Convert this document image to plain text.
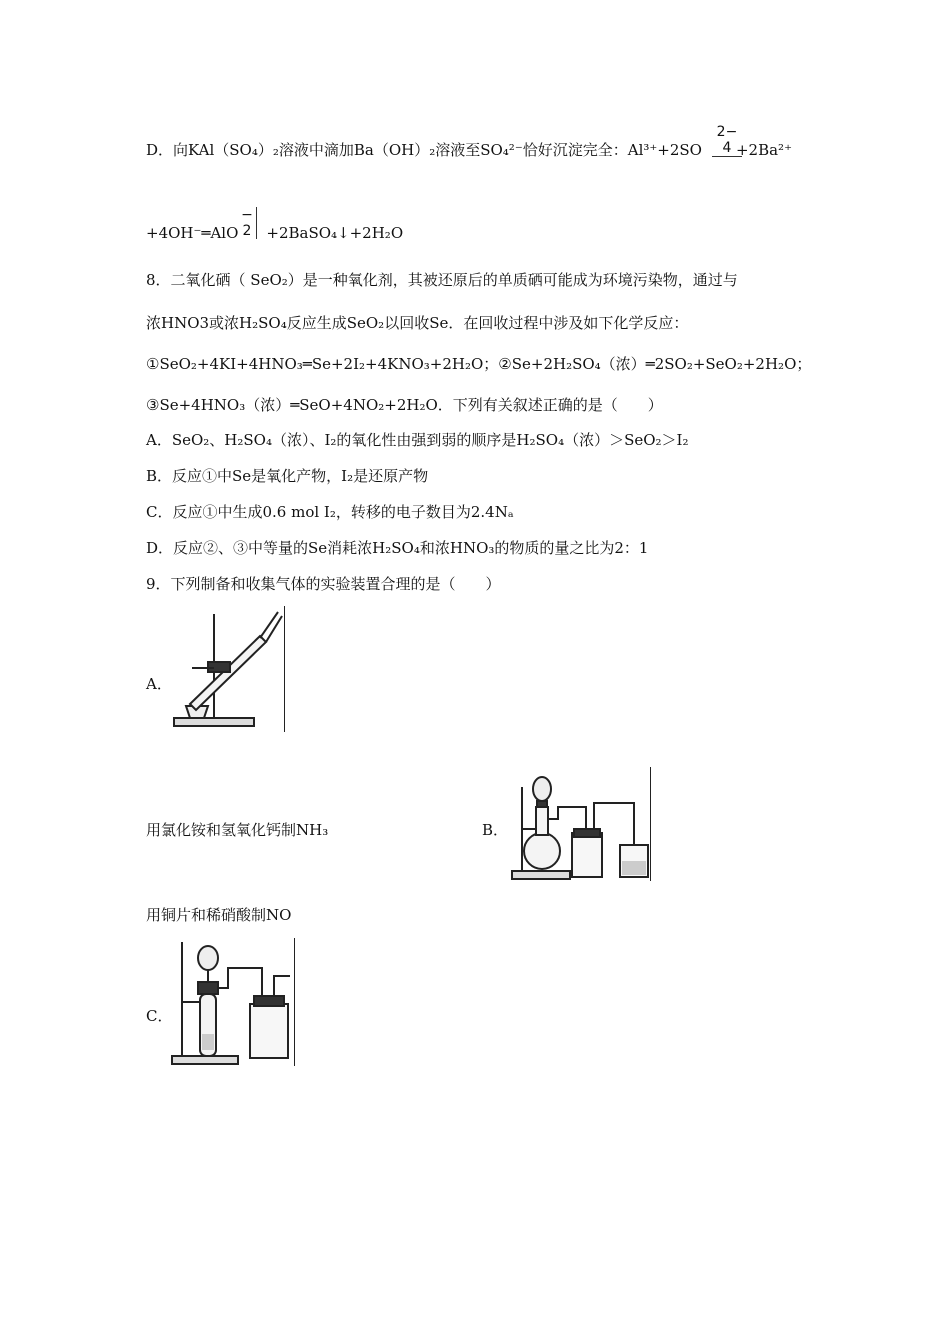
D．向KAl（SO₄）₂溶液中滴加Ba（OH）₂溶液至SO₄²⁻恰好沉淀完全：Al³⁺+2SO +2Ba²⁺
2−
4
+4OH⁻═AlO +2BaSO₄↓+2H₂O
−
2
8．二氧化硒（ SeO₂）是一种氧化剂，其被还原后的单质硒可能成为环境污染物，通过与
浓HNO3或浓H₂SO₄反应生成SeO₂以回收Se．在回收过程中涉及如下化学反应：
①SeO₂+4KI+4HNO₃═Se+2I₂+4KNO₃+2H₂O；②Se+2H₂SO₄（浓）═2SO₂+SeO₂+2H₂O；
③Se+4HNO₃（浓）═SeO+4NO₂+2H₂O．下列有关叙述正确的是（　　）
A．SeO₂、H₂SO₄（浓）、I₂的氧化性由强到弱的顺序是H₂SO₄（浓）＞SeO₂＞I₂
B．反应①中Se是氧化产物，I₂是还原产物
C．反应①中生成0.6 mol I₂，转移的电子数目为2.4Nₐ
D．反应②、③中等量的Se消耗浓H₂SO₄和浓HNO₃的物质的量之比为2：1
9．下列制备和收集气体的实验装置合理的是（　　）
A．
用氯化铵和氢氧化钙制NH₃	B．
用铜片和稀硝酸制NO
C．
